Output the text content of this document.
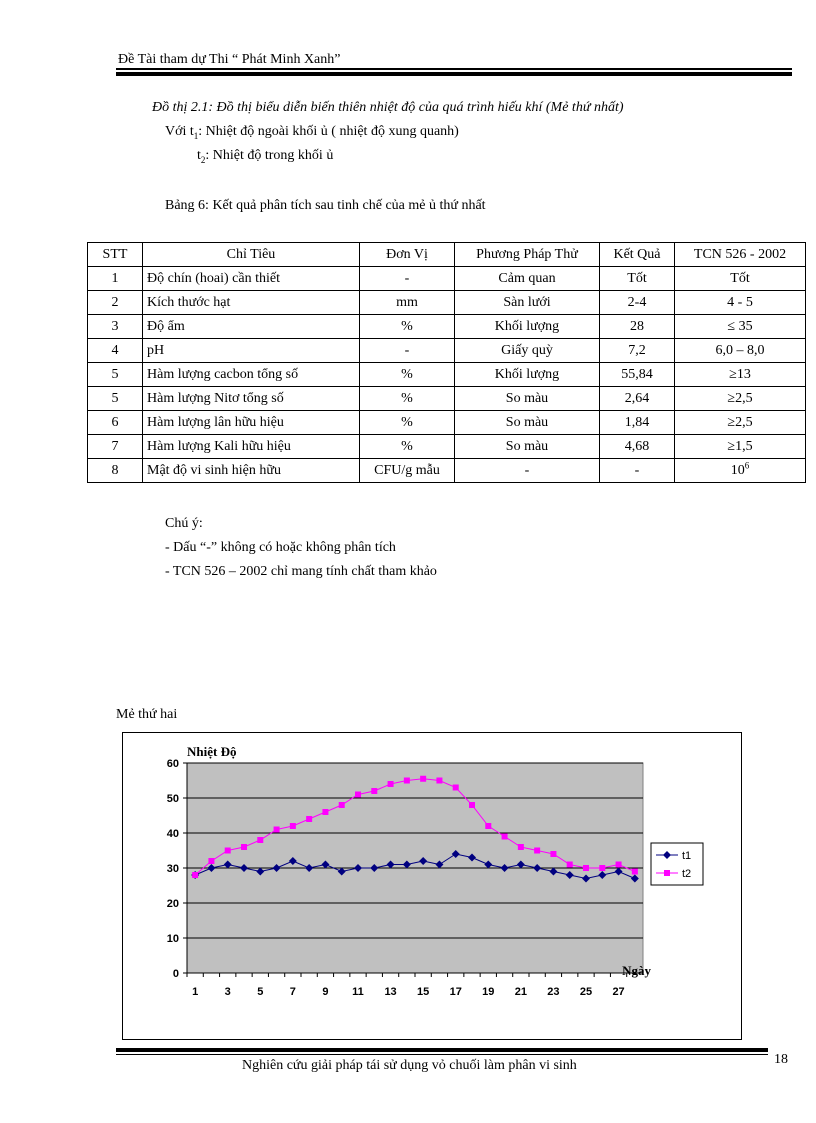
Đề Tài tham dự Thi “ Phát Minh Xanh”
Đồ thị 2.1: Đồ thị biểu diễn biến thiên nhiệt độ của quá trình hiếu khí (Mẻ thứ nhất)
Với $t_1$: Nhiệt độ ngoài khối ủ ( nhiệt độ xung quanh)
$t_2$: Nhiệt độ trong khối ủ
Bảng 6: Kết quả phân tích sau tinh chế của mẻ ủ thứ nhất
STT	Chỉ Tiêu	Đơn Vị	Phương Pháp Thử	Kết Quả	TCN 526 - 2002
1	Độ chín (hoai) cần thiết	-	Cảm quan	Tốt	Tốt
2	Kích thước hạt	mm	Sàn lưới	2-4	4 - 5
3	Độ ẩm	%	Khối lượng	28	≤ 35
4	pH	-	Giấy quỳ	7,2	6,0 – 8,0
5	Hàm lượng cacbon tổng số	%	Khối lượng	55,84	≥13
5	Hàm lượng Nitơ tổng số	%	So màu	2,64	≥2,5
6	Hàm lượng lân hữu hiệu	%	So màu	1,84	≥2,5
7	Hàm lượng Kali hữu hiệu	%	So màu	4,68	≥1,5
8	Mật độ vi sinh hiện hữu	CFU/g mẫu	-	-	$10^6$
Chú ý:
- Dấu “-” không có hoặc không phân tích
- TCN 526 – 2002 chỉ mang tính chất tham khảo
Mẻ thứ hai
0
10
20
30
40
50
60
1 3 5 7 9 11 13 15 17 19 21 23 25 27
Nhiệt Độ
Ngày
t1
t2
Nghiên cứu giải pháp tái sử dụng vỏ chuối làm phân vi sinh	18
